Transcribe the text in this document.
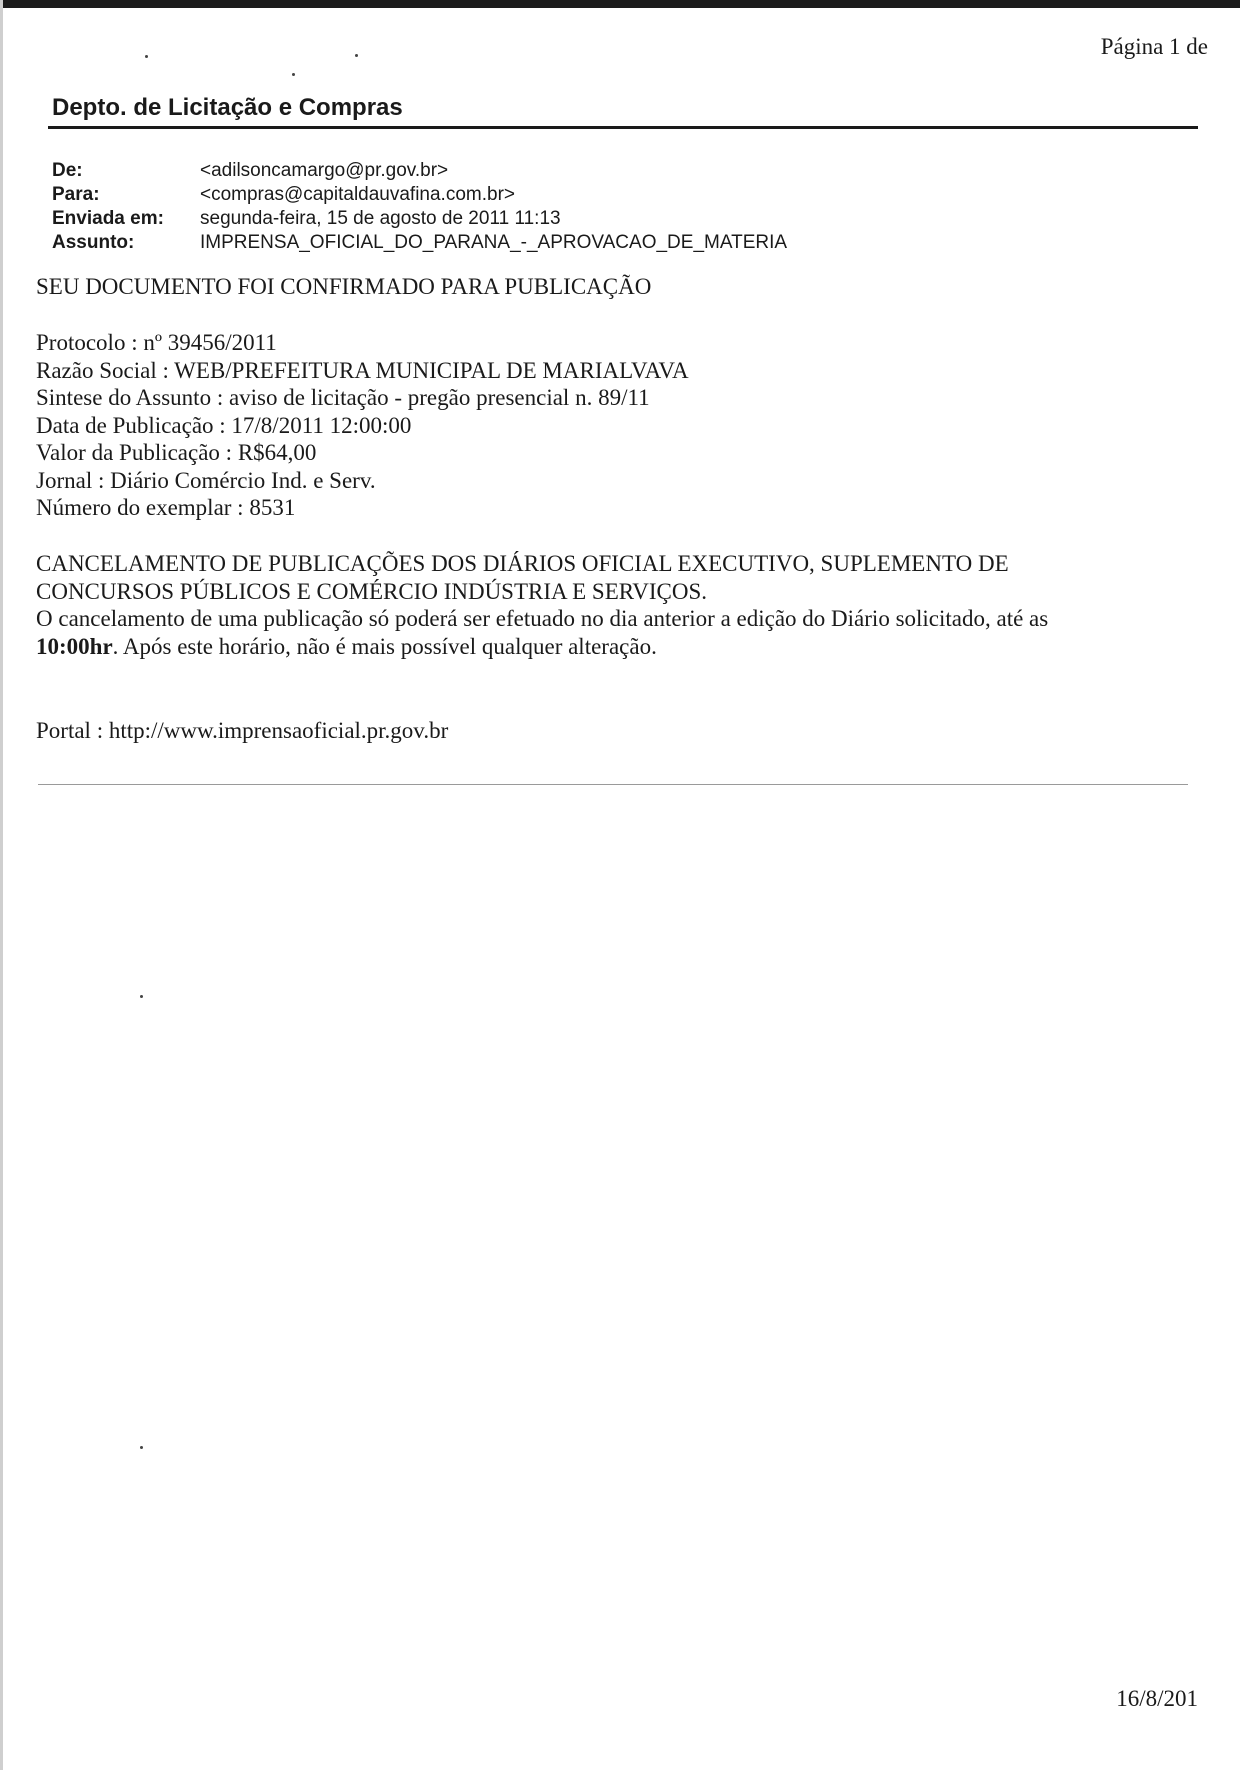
Página 1 de
Depto. de Licitação e Compras
De:	<adilsoncamargo@pr.gov.br>
Para:	<compras@capitaldauvafina.com.br>
Enviada em:	segunda-feira, 15 de agosto de 2011 11:13
Assunto:	IMPRENSA_OFICIAL_DO_PARANA_-_APROVACAO_DE_MATERIA
SEU DOCUMENTO FOI CONFIRMADO PARA PUBLICAÇÃO
Protocolo : nº 39456/2011
Razão Social : WEB/PREFEITURA MUNICIPAL DE MARIALVAVA
Sintese do Assunto : aviso de licitação - pregão presencial n. 89/11
Data de Publicação : 17/8/2011 12:00:00
Valor da Publicação : R$64,00
Jornal : Diário Comércio Ind. e Serv.
Número do exemplar : 8531
CANCELAMENTO DE PUBLICAÇÕES DOS DIÁRIOS OFICIAL EXECUTIVO, SUPLEMENTO DE
CONCURSOS PÚBLICOS E COMÉRCIO INDÚSTRIA E SERVIÇOS.
O cancelamento de uma publicação só poderá ser efetuado no dia anterior a edição do Diário solicitado, até as
10:00hr. Após este horário, não é mais possível qualquer alteração.
Portal : http://www.imprensaoficial.pr.gov.br
16/8/201
